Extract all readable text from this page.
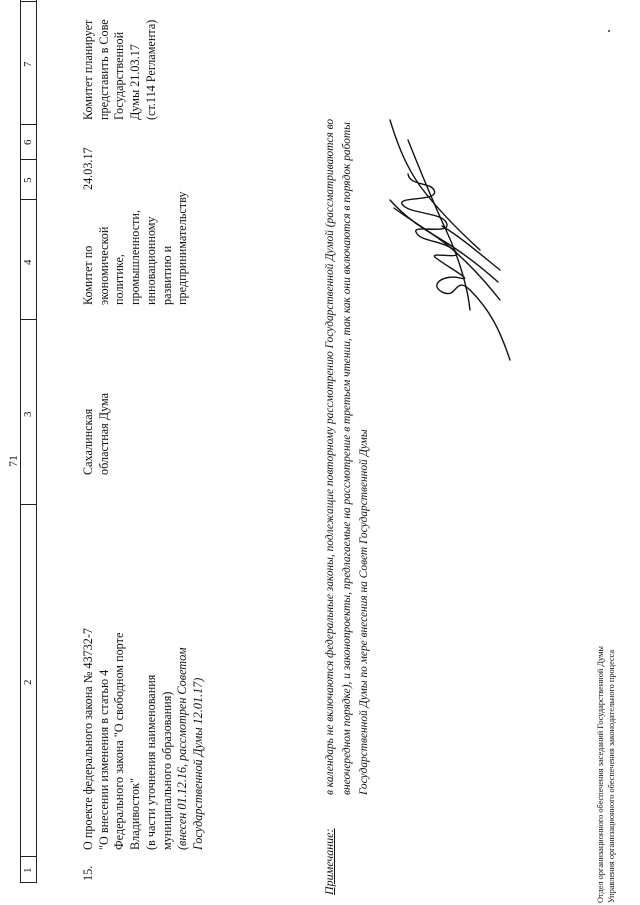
71
1
2
3
4
5
6
7
15.
О проекте федерального закона № 43732-7 "О внесении изменения в статью 4 Федерального закона "О свободном порте Владивосток" (в части уточнения наименования муниципального образования) (внесен 01.12.16, рассмотрен Советом Государственной Думы 12.01.17)
Сахалинская областная Дума
Комитет по экономической политике, промышленности, инновационному развитию и предпринимательству
24.03.17
Комитет планирует представить в Сове Государственной Думы 21.03.17 (ст.114 Регламента)
Примечание:
в календарь не включаются федеральные законы, подлежащие повторному рассмотрению Государственной Думой (рассматриваются во внеочередном порядке), и законопроекты, предлагаемые на рассмотрение в третьем чтении, так как они включаются в порядок работы Государственной Думы по мере внесения на Совет Государственной Думы	Отдел организационного обеспечения заседаний Государственной Думы Управления организационного обеспечения законодательного процесса
